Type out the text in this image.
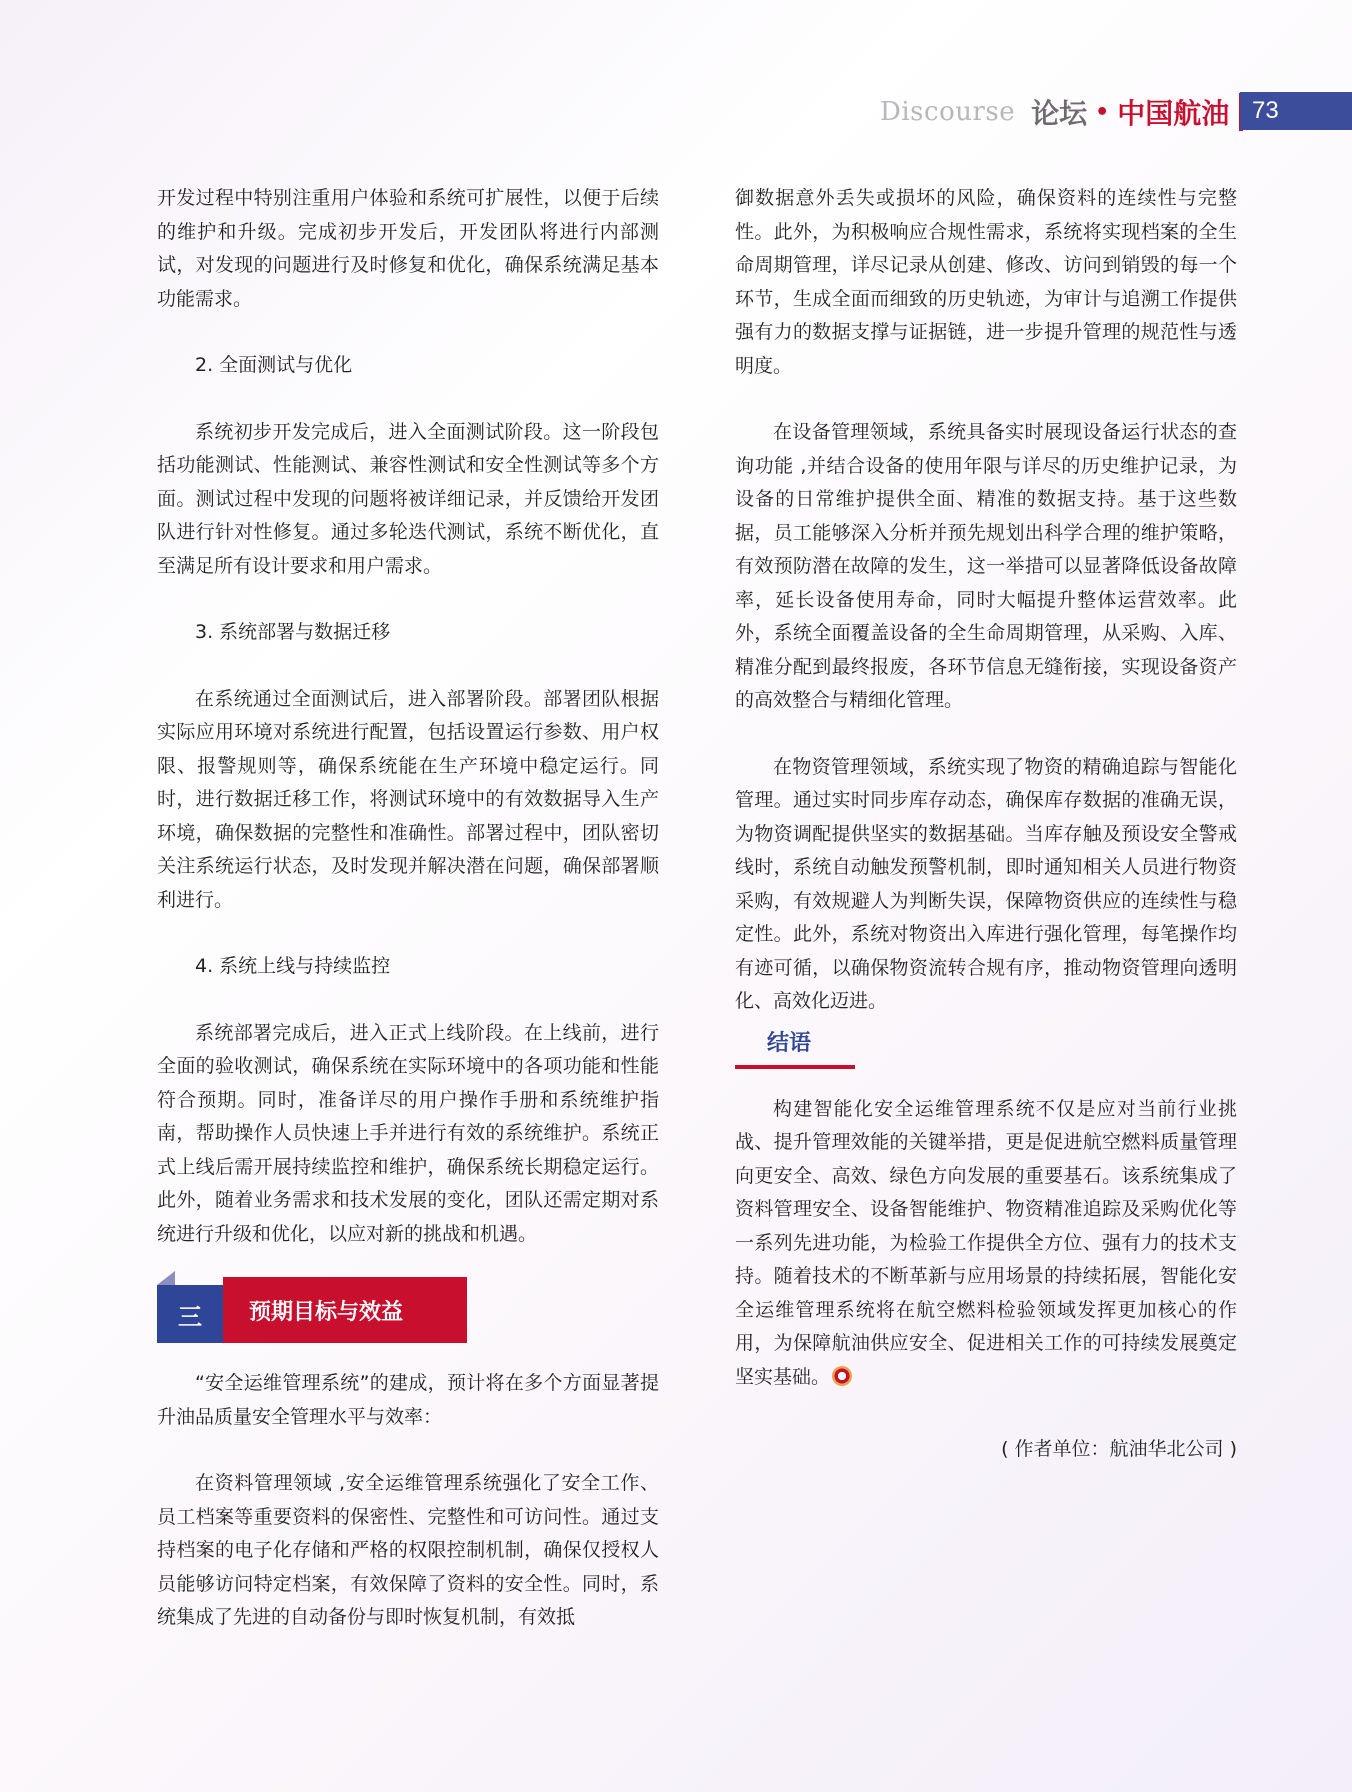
Discourse 论坛 • 中国航油 73

开发过程中特别注重用户体验和系统可扩展性，以便于后续的维护和升级。完成初步开发后，开发团队将进行内部测试，对发现的问题进行及时修复和优化，确保系统满足基本功能需求。

2. 全面测试与优化

系统初步开发完成后，进入全面测试阶段。这一阶段包括功能测试、性能测试、兼容性测试和安全性测试等多个方面。测试过程中发现的问题将被详细记录，并反馈给开发团队进行针对性修复。通过多轮迭代测试，系统不断优化，直至满足所有设计要求和用户需求。

3. 系统部署与数据迁移

在系统通过全面测试后，进入部署阶段。部署团队根据实际应用环境对系统进行配置，包括设置运行参数、用户权限、报警规则等，确保系统能在生产环境中稳定运行。同时，进行数据迁移工作，将测试环境中的有效数据导入生产环境，确保数据的完整性和准确性。部署过程中，团队密切关注系统运行状态，及时发现并解决潜在问题，确保部署顺利进行。

4. 系统上线与持续监控

系统部署完成后，进入正式上线阶段。在上线前，进行全面的验收测试，确保系统在实际环境中的各项功能和性能符合预期。同时，准备详尽的用户操作手册和系统维护指南，帮助操作人员快速上手并进行有效的系统维护。系统正式上线后需开展持续监控和维护，确保系统长期稳定运行。此外，随着业务需求和技术发展的变化，团队还需定期对系统进行升级和优化，以应对新的挑战和机遇。

三	预期目标与效益

“安全运维管理系统”的建成，预计将在多个方面显著提升油品质量安全管理水平与效率：

在资料管理领域 ,安全运维管理系统强化了安全工作、员工档案等重要资料的保密性、完整性和可访问性。通过支持档案的电子化存储和严格的权限控制机制，确保仅授权人员能够访问特定档案，有效保障了资料的安全性。同时，系统集成了先进的自动备份与即时恢复机制，有效抵

御数据意外丢失或损坏的风险，确保资料的连续性与完整性。此外，为积极响应合规性需求，系统将实现档案的全生命周期管理，详尽记录从创建、修改、访问到销毁的每一个环节，生成全面而细致的历史轨迹，为审计与追溯工作提供强有力的数据支撑与证据链，进一步提升管理的规范性与透明度。

在设备管理领域，系统具备实时展现设备运行状态的查询功能 ,并结合设备的使用年限与详尽的历史维护记录，为设备的日常维护提供全面、精准的数据支持。基于这些数据，员工能够深入分析并预先规划出科学合理的维护策略，有效预防潜在故障的发生，这一举措可以显著降低设备故障率，延长设备使用寿命，同时大幅提升整体运营效率。此外，系统全面覆盖设备的全生命周期管理，从采购、入库、精准分配到最终报废，各环节信息无缝衔接，实现设备资产的高效整合与精细化管理。

在物资管理领域，系统实现了物资的精确追踪与智能化管理。通过实时同步库存动态，确保库存数据的准确无误，为物资调配提供坚实的数据基础。当库存触及预设安全警戒线时，系统自动触发预警机制，即时通知相关人员进行物资采购，有效规避人为判断失误，保障物资供应的连续性与稳定性。此外，系统对物资出入库进行强化管理，每笔操作均有迹可循，以确保物资流转合规有序，推动物资管理向透明化、高效化迈进。

结语

构建智能化安全运维管理系统不仅是应对当前行业挑战、提升管理效能的关键举措，更是促进航空燃料质量管理向更安全、高效、绿色方向发展的重要基石。该系统集成了资料管理安全、设备智能维护、物资精准追踪及采购优化等一系列先进功能，为检验工作提供全方位、强有力的技术支持。随着技术的不断革新与应用场景的持续拓展，智能化安全运维管理系统将在航空燃料检验领域发挥更加核心的作用，为保障航油供应安全、促进相关工作的可持续发展奠定坚实基础。

( 作者单位：航油华北公司 )
